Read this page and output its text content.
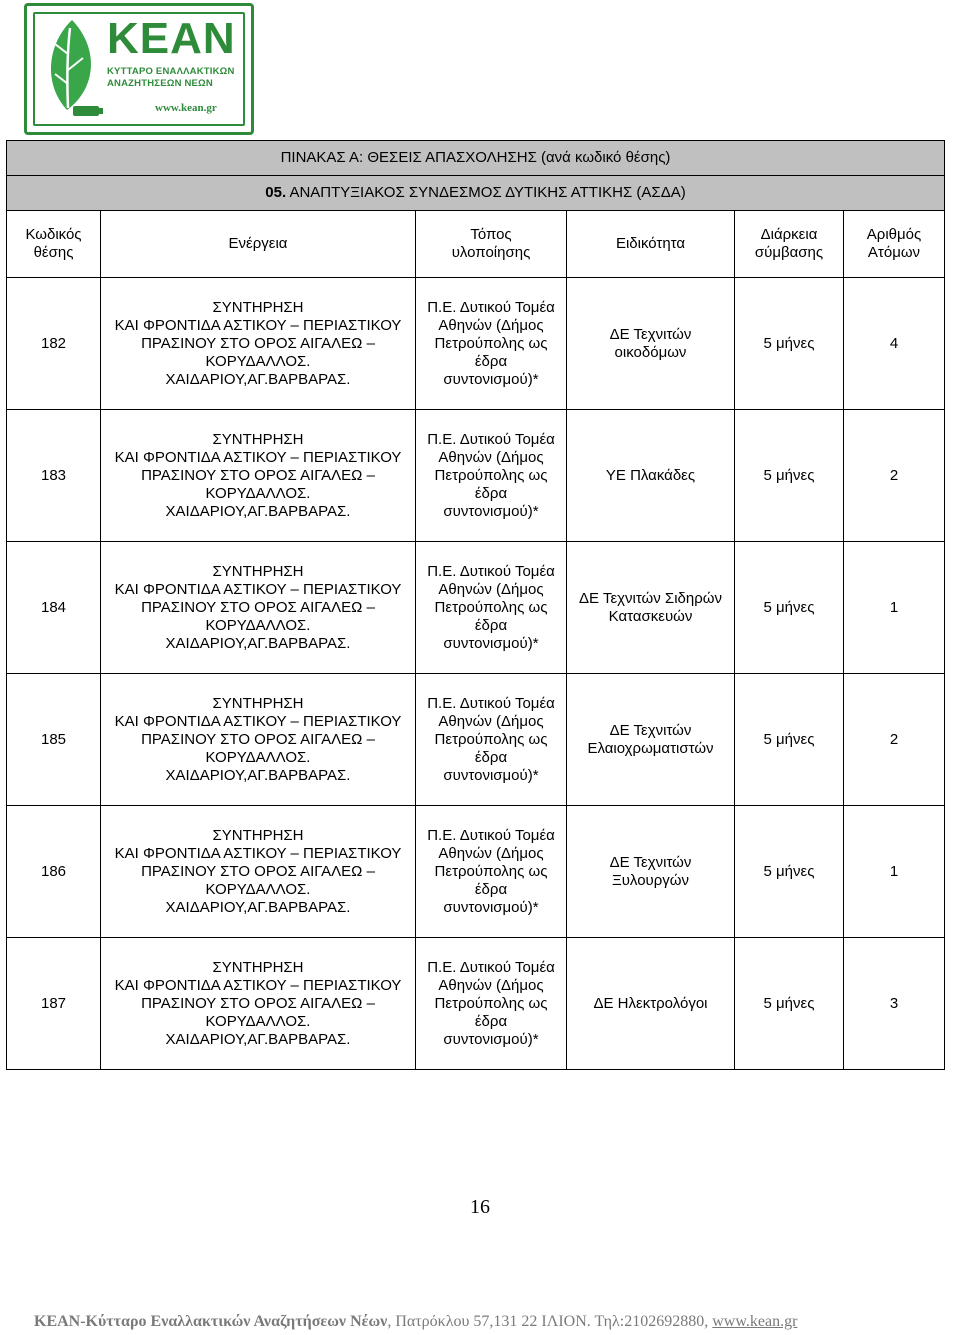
KEAN
ΚΥΤΤΑΡΟ ΕΝΑΛΛΑΚΤΙΚΩΝ
ΑΝΑΖΗΤΗΣΕΩΝ ΝΕΩΝ
www.kean.gr
ΠΙΝΑΚΑΣ Α: ΘΕΣΕΙΣ ΑΠΑΣΧΟΛΗΣΗΣ (ανά κωδικό θέσης)					
05. ΑΝΑΠΤΥΞΙΑΚΟΣ ΣΥΝΔΕΣΜΟΣ ΔΥΤΙΚΗΣ ΑΤΤΙΚΗΣ (ΑΣΔΑ)					
Κωδικός
θέσης	Ενέργεια	Τόπος
υλοποίησης	Ειδικότητα	Διάρκεια
σύμβασης	Αριθμός
Ατόμων
182	ΣΥΝΤΗΡΗΣΗ
ΚΑΙ ΦΡΟΝΤΙΔΑ ΑΣΤΙΚΟΥ – ΠΕΡΙΑΣΤΙΚΟΥ
ΠΡΑΣΙΝΟΥ ΣΤΟ ΟΡΟΣ ΑΙΓΑΛΕΩ –
ΚΟΡΥΔΑΛΛΟΣ.
ΧΑΙΔΑΡΙΟΥ,ΑΓ.ΒΑΡΒΑΡΑΣ.	Π.Ε. Δυτικού Τομέα
Αθηνών (Δήμος
Πετρούπολης ως
έδρα
συντονισμού)*	ΔΕ Τεχνιτών
οικοδόμων	5 μήνες	4
183	ΣΥΝΤΗΡΗΣΗ
ΚΑΙ ΦΡΟΝΤΙΔΑ ΑΣΤΙΚΟΥ – ΠΕΡΙΑΣΤΙΚΟΥ
ΠΡΑΣΙΝΟΥ ΣΤΟ ΟΡΟΣ ΑΙΓΑΛΕΩ –
ΚΟΡΥΔΑΛΛΟΣ.
ΧΑΙΔΑΡΙΟΥ,ΑΓ.ΒΑΡΒΑΡΑΣ.	Π.Ε. Δυτικού Τομέα
Αθηνών (Δήμος
Πετρούπολης ως
έδρα
συντονισμού)*	ΥΕ Πλακάδες	5 μήνες	2
184	ΣΥΝΤΗΡΗΣΗ
ΚΑΙ ΦΡΟΝΤΙΔΑ ΑΣΤΙΚΟΥ – ΠΕΡΙΑΣΤΙΚΟΥ
ΠΡΑΣΙΝΟΥ ΣΤΟ ΟΡΟΣ ΑΙΓΑΛΕΩ –
ΚΟΡΥΔΑΛΛΟΣ.
ΧΑΙΔΑΡΙΟΥ,ΑΓ.ΒΑΡΒΑΡΑΣ.	Π.Ε. Δυτικού Τομέα
Αθηνών (Δήμος
Πετρούπολης ως
έδρα
συντονισμού)*	ΔΕ Τεχνιτών Σιδηρών
Κατασκευών	5 μήνες	1
185	ΣΥΝΤΗΡΗΣΗ
ΚΑΙ ΦΡΟΝΤΙΔΑ ΑΣΤΙΚΟΥ – ΠΕΡΙΑΣΤΙΚΟΥ
ΠΡΑΣΙΝΟΥ ΣΤΟ ΟΡΟΣ ΑΙΓΑΛΕΩ –
ΚΟΡΥΔΑΛΛΟΣ.
ΧΑΙΔΑΡΙΟΥ,ΑΓ.ΒΑΡΒΑΡΑΣ.	Π.Ε. Δυτικού Τομέα
Αθηνών (Δήμος
Πετρούπολης ως
έδρα
συντονισμού)*	ΔΕ Τεχνιτών
Ελαιοχρωματιστών	5 μήνες	2
186	ΣΥΝΤΗΡΗΣΗ
ΚΑΙ ΦΡΟΝΤΙΔΑ ΑΣΤΙΚΟΥ – ΠΕΡΙΑΣΤΙΚΟΥ
ΠΡΑΣΙΝΟΥ ΣΤΟ ΟΡΟΣ ΑΙΓΑΛΕΩ –
ΚΟΡΥΔΑΛΛΟΣ.
ΧΑΙΔΑΡΙΟΥ,ΑΓ.ΒΑΡΒΑΡΑΣ.	Π.Ε. Δυτικού Τομέα
Αθηνών (Δήμος
Πετρούπολης ως
έδρα
συντονισμού)*	ΔΕ Τεχνιτών
Ξυλουργών	5 μήνες	1
187	ΣΥΝΤΗΡΗΣΗ
ΚΑΙ ΦΡΟΝΤΙΔΑ ΑΣΤΙΚΟΥ – ΠΕΡΙΑΣΤΙΚΟΥ
ΠΡΑΣΙΝΟΥ ΣΤΟ ΟΡΟΣ ΑΙΓΑΛΕΩ –
ΚΟΡΥΔΑΛΛΟΣ.
ΧΑΙΔΑΡΙΟΥ,ΑΓ.ΒΑΡΒΑΡΑΣ.	Π.Ε. Δυτικού Τομέα
Αθηνών (Δήμος
Πετρούπολης ως
έδρα
συντονισμού)*	ΔΕ Ηλεκτρολόγοι	5 μήνες	3
16
ΚΕΑΝ-Κύτταρο Εναλλακτικών Αναζητήσεων Νέων, Πατρόκλου 57,131 22 ΙΛΙΟΝ. Τηλ:2102692880, www.kean.gr
